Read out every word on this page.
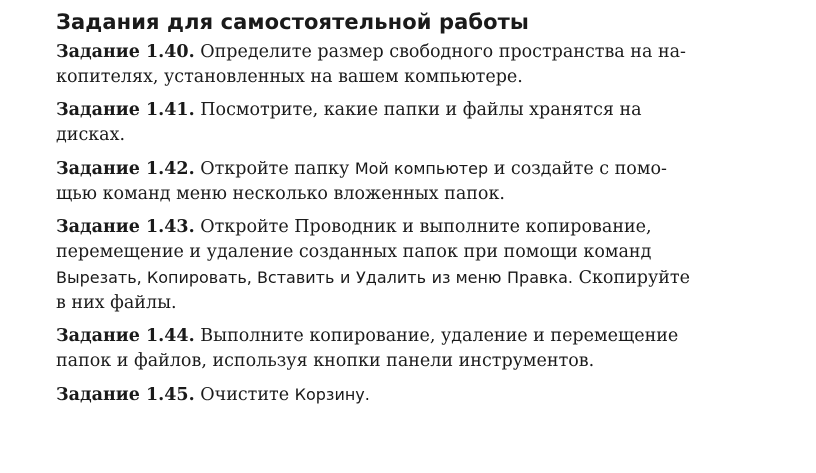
Задания для самостоятельной работы
Задание 1.40. Определите размер свободного пространства на на-
копителях, установленных на вашем компьютере.
Задание 1.41. Посмотрите, какие папки и файлы хранятся на
дисках.
Задание 1.42. Откройте папку Мой компьютер и создайте с помо-
щью команд меню несколько вложенных папок.
Задание 1.43. Откройте Проводник и выполните копирование,
перемещение и удаление созданных папок при помощи команд
Вырезать, Копировать, Вставить и Удалить из меню Правка. Скопируйте
в них файлы.
Задание 1.44. Выполните копирование, удаление и перемещение
папок и файлов, используя кнопки панели инструментов.
Задание 1.45. Очистите Корзину.
